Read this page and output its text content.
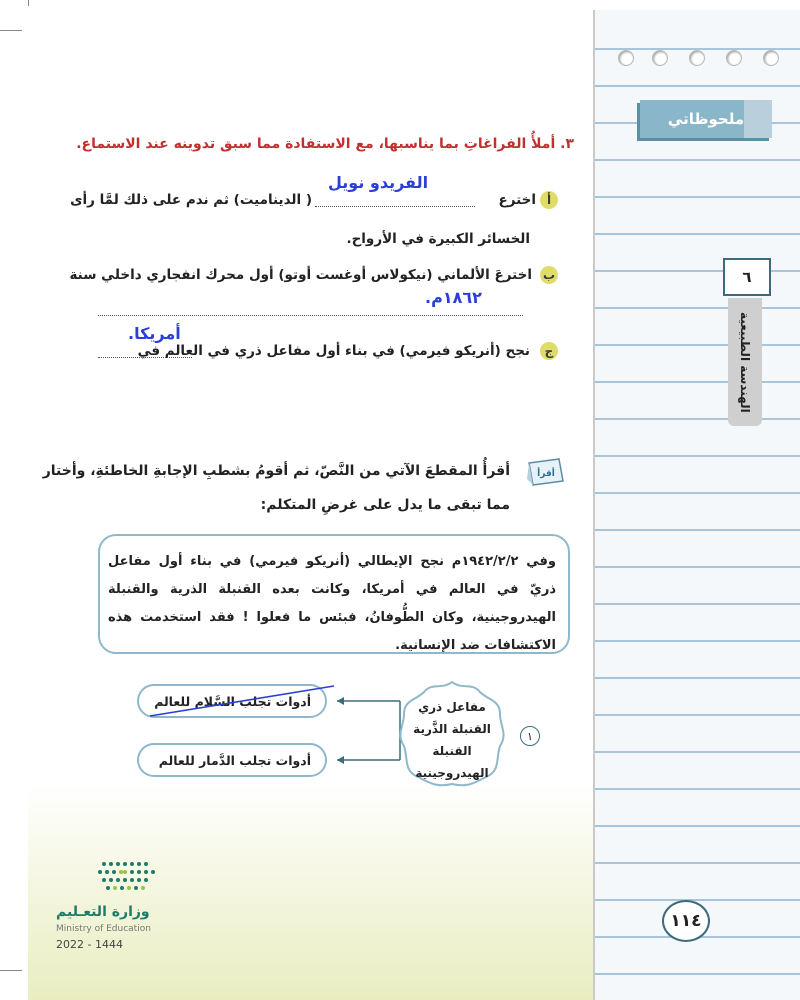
ملحوظاتي
٦
الهندسة الطبيعية
٣. أملأُ الفراغاتِ بما يناسبها، مع الاستفادة مما سبق تدوينه عند الاستماع.
أ
اخترع
الفريدو نويل
( الديناميت) ثم ندم على ذلك لمَّا رأى
الخسائر الكبيرة في الأرواح.
ب
اخترعَ الألماني (نيكولاس أوغست أوتو) أول محرك انفجاري داخلي سنة
١٨٦٢م.
ج
نجح (أنريكو فيرمي) في بناء أول مفاعل ذري في العالم في
أمريكا.
أقرأ
أقرأُ المقطعَ الآتي من النَّصّ، ثم أقومُ بشطبِ الإجابةِ الخاطئةِ، وأختار
مما تبقى ما يدل على غرضِ المتكلم:
وفي ١٩٤٢/٢/٢م نجح الإيطالي (أنريكو فيرمي) في بناء أول مفاعل ذريّ في العالم في أمريكا، وكانت بعده القنبلة الذرية والقنبلة الهيدروجينية، وكان الطُّوفانُ، فبئس ما فعلوا ! فقد استخدمت هذه الاكتشافات ضد الإنسانية.
أدوات تجلب السَّلام للعالم
أدوات تجلب الدَّمار للعالم
مفاعل ذري
القنبلة الذَّرية
القنبلة الهيدروجينية
١
١١٤
وزارة التعـليم
Ministry of Education
2022 - 1444
